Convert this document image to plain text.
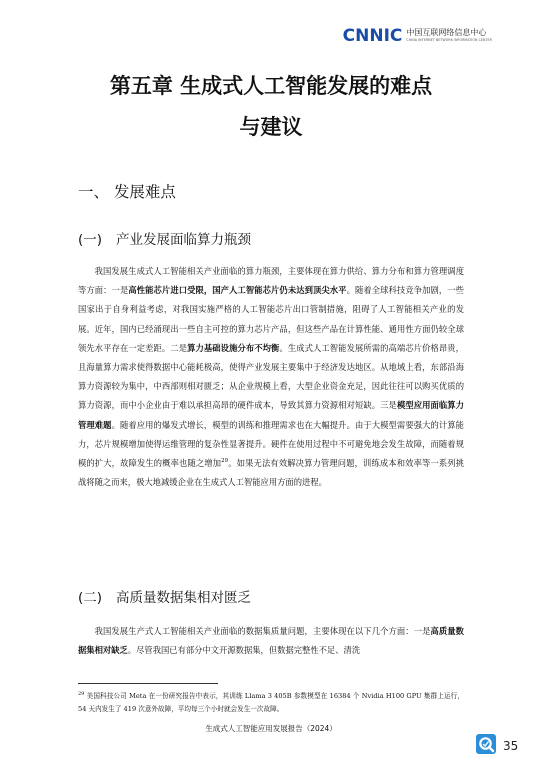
CNNIC 中国互联网络信息中心
CHINA INTERNET NETWORK INFORMATION CENTER
第五章 生成式人工智能发展的难点
与建议
一、 发展难点
(一) 产业发展面临算力瓶颈

我国发展生成式人工智能相关产业面临的算力瓶颈，主要体现在算力供给、算力分布和算力管理调度等方面：一是高性能芯片进口受限，国产人工智能芯片仍未达到顶尖水平。随着全球科技竞争加剧，一些国家出于自身利益考虑，对我国实施严格的人工智能芯片出口管制措施，阻碍了人工智能相关产业的发展。近年，国内已经涌现出一些自主可控的算力芯片产品，但这些产品在计算性能、通用性方面仍较全球领先水平存在一定差距。二是算力基础设施分布不均衡。生成式人工智能发展所需的高端芯片价格昂贵，且海量算力需求使得数据中心能耗极高，使得产业发展主要集中于经济发达地区。从地域上看，东部沿海算力资源较为集中，中西部则相对匮乏；从企业规模上看，大型企业资金充足，因此往往可以购买优质的算力资源，而中小企业由于难以承担高昂的硬件成本，导致其算力资源相对短缺。三是模型应用面临算力管理难题。随着应用的爆发式增长，模型的训练和推理需求也在大幅提升。由于大模型需要强大的计算能力，芯片规模增加使得运维管理的复杂性显著提升。硬件在使用过程中不可避免地会发生故障，而随着规模的扩大，故障发生的概率也随之增加$^{29}$。如果无法有效解决算力管理问题，训练成本和效率等一系列挑战将随之而来，极大地减缓企业在生成式人工智能应用方面的进程。

(二) 高质量数据集相对匮乏

我国发展生产式人工智能相关产业面临的数据集质量问题，主要体现在以下几个方面：一是高质量数据集相对缺乏。尽管我国已有部分中文开源数据集，但数据完整性不足、清洗

$^{29}$ 美国科技公司 Meta 在一份研究报告中表示，其训练 Llama 3 405B 参数模型在 16384 个 Nvidia H100 GPU 集群上运行，54 天内发生了 419 次意外故障，平均每三个小时就会发生一次故障。

生成式人工智能应用发展报告（2024）

35
